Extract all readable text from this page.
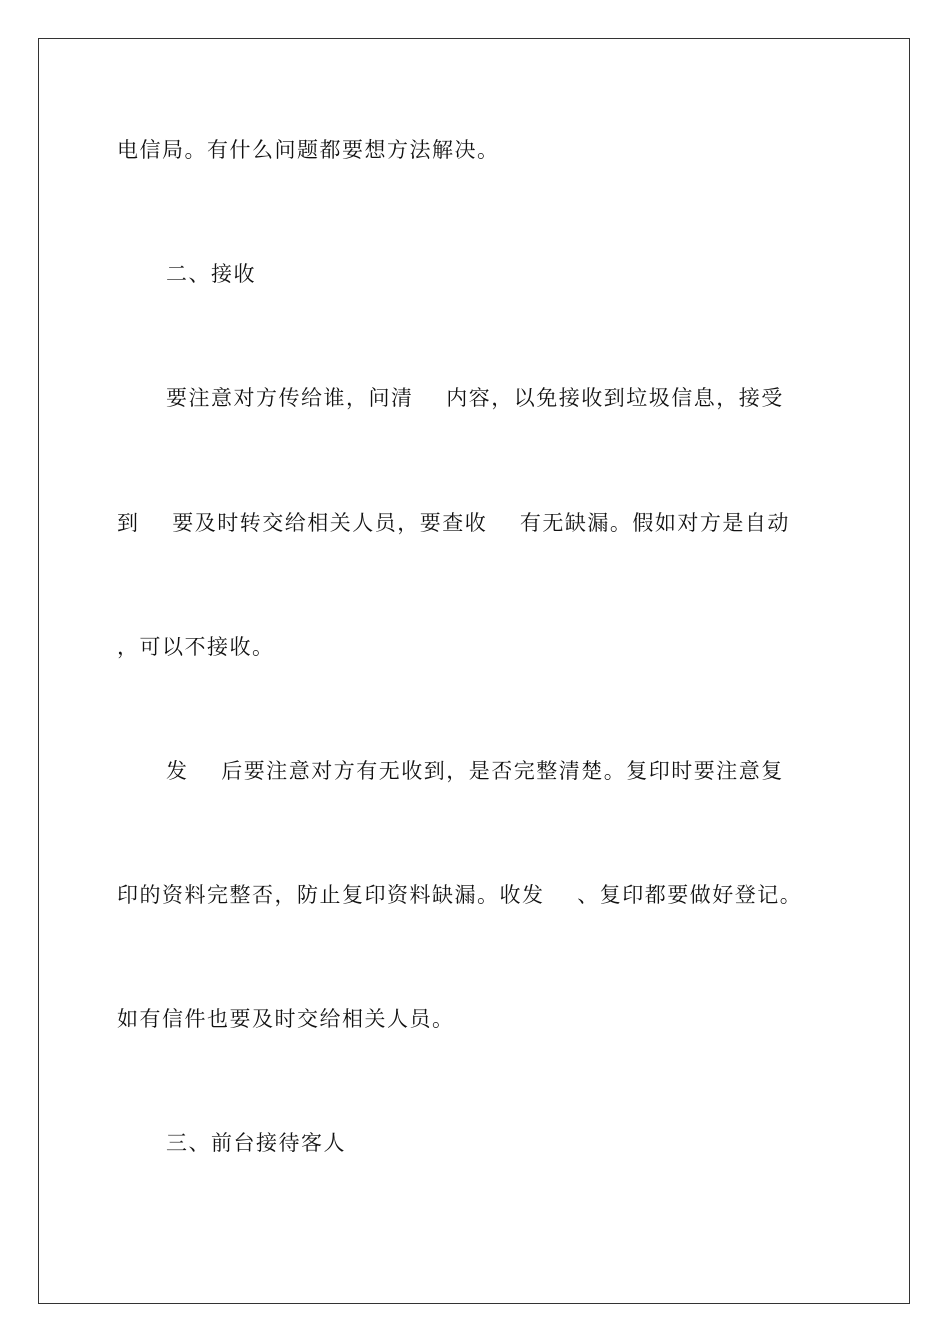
电信局。有什么问题都要想方法解决。
二、接收
要注意对方传给谁，问清    内容，以免接收到垃圾信息，接受
到    要及时转交给相关人员，要查收    有无缺漏。假如对方是自动
，可以不接收。
发    后要注意对方有无收到，是否完整清楚。复印时要注意复
印的资料完整否，防止复印资料缺漏。收发    、复印都要做好登记。
如有信件也要及时交给相关人员。
三、前台接待客人
